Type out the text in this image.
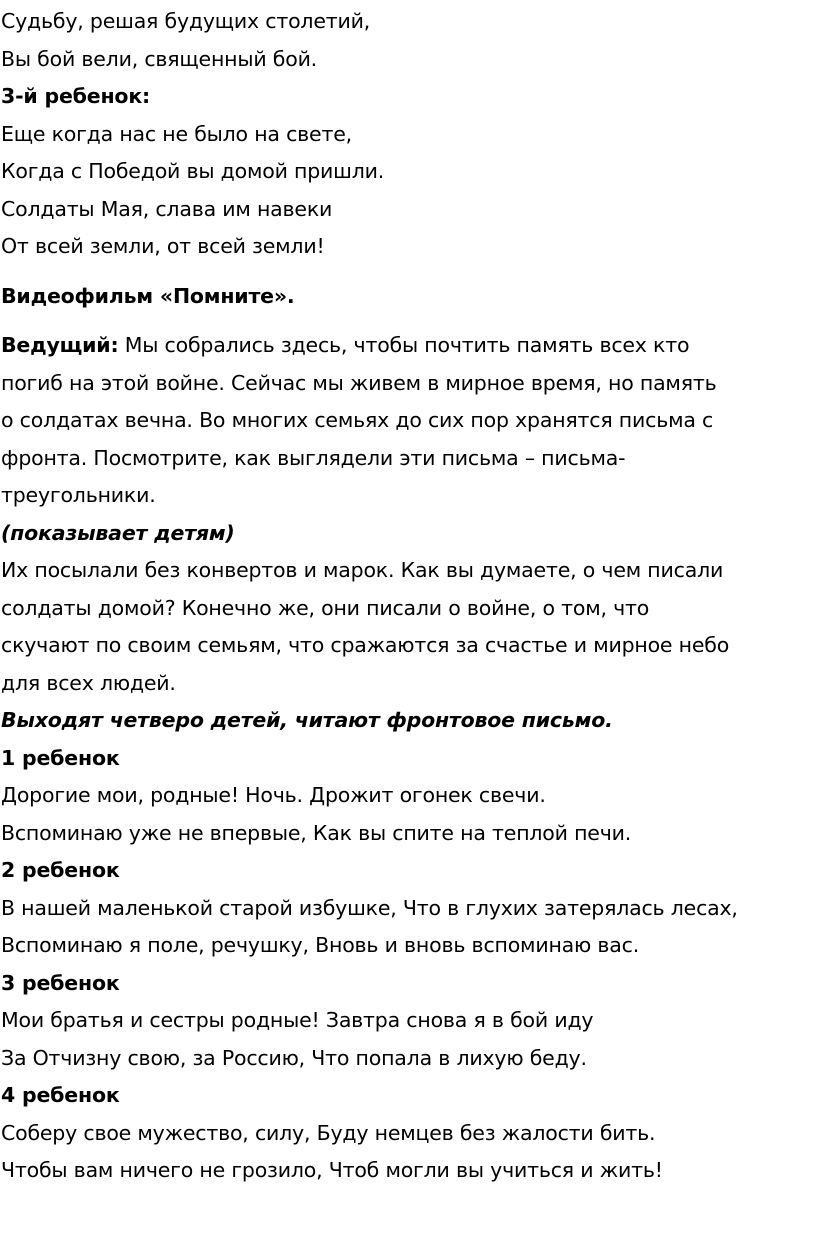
Судьбу, решая будущих столетий,
Вы бой вели, священный бой.
3-й ребенок:
Еще когда нас не было на свете,
Когда с Победой вы домой пришли.
Солдаты Мая, слава им навеки
От всей земли, от всей земли!
Видеофильм «Помните».
Ведущий: Мы собрались здесь, чтобы почтить память всех кто
погиб на этой войне. Сейчас мы живем в мирное время, но память
о солдатах вечна. Во многих семьях до сих пор хранятся письма с
фронта. Посмотрите, как выглядели эти письма – письма-
треугольники.
(показывает детям)
Их посылали без конвертов и марок. Как вы думаете, о чем писали
солдаты домой? Конечно же, они писали о войне, о том, что
скучают по своим семьям, что сражаются за счастье и мирное небо
для всех людей.
Выходят четверо детей, читают фронтовое письмо.
1 ребенок
Дорогие мои, родные! Ночь. Дрожит огонек свечи.
Вспоминаю уже не впервые, Как вы спите на теплой печи.
2 ребенок
В нашей маленькой старой избушке, Что в глухих затерялась лесах,
Вспоминаю я поле, речушку, Вновь и вновь вспоминаю вас.
3 ребенок
Мои братья и сестры родные! Завтра снова я в бой иду
За Отчизну свою, за Россию, Что попала в лихую беду.
4 ребенок
Соберу свое мужество, силу, Буду немцев без жалости бить.
Чтобы вам ничего не грозило, Чтоб могли вы учиться и жить!
